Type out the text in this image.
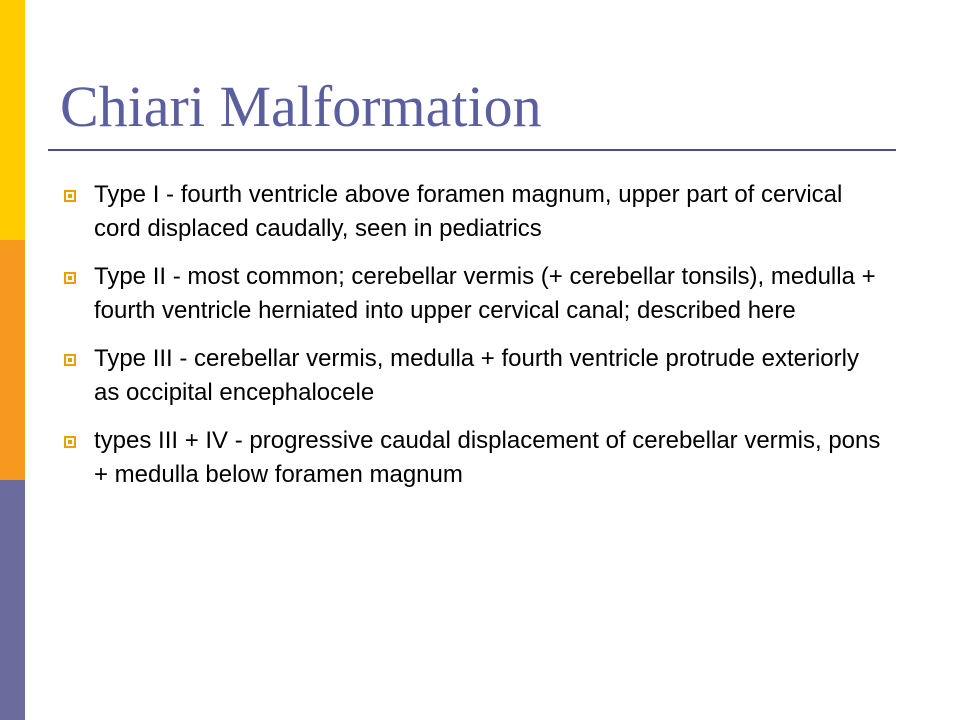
Chiari Malformation
Type I - fourth ventricle above foramen magnum, upper part of cervical cord displaced caudally, seen in pediatrics
Type II - most common; cerebellar vermis (+ cerebellar tonsils), medulla + fourth ventricle herniated into upper cervical canal; described here
Type III - cerebellar vermis, medulla + fourth ventricle protrude exteriorly as occipital encephalocele
types III + IV - progressive caudal displacement of cerebellar vermis, pons + medulla below foramen magnum
